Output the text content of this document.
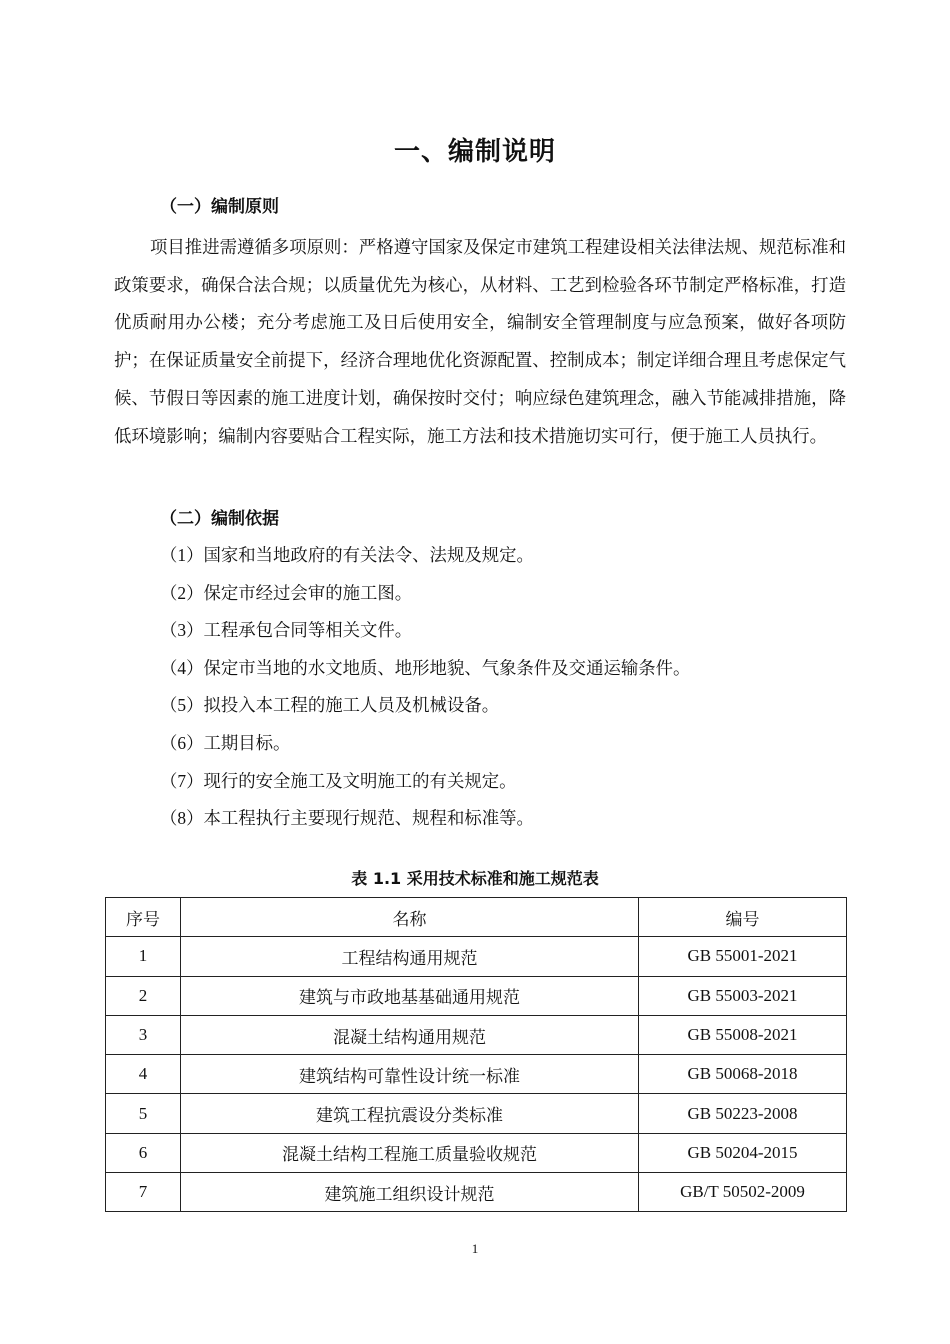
一、编制说明
（一）编制原则

项目推进需遵循多项原则：严格遵守国家及保定市建筑工程建设相关法律法规、规范标准和政策要求，确保合法合规；以质量优先为核心，从材料、工艺到检验各环节制定严格标准，打造优质耐用办公楼；充分考虑施工及日后使用安全，编制安全管理制度与应急预案，做好各项防护；在保证质量安全前提下，经济合理地优化资源配置、控制成本；制定详细合理且考虑保定气候、节假日等因素的施工进度计划，确保按时交付；响应绿色建筑理念，融入节能减排措施，降低环境影响；编制内容要贴合工程实际，施工方法和技术措施切实可行，便于施工人员执行。

（二）编制依据
（1）国家和当地政府的有关法令、法规及规定。
（2）保定市经过会审的施工图。
（3）工程承包合同等相关文件。
（4）保定市当地的水文地质、地形地貌、气象条件及交通运输条件。
（5）拟投入本工程的施工人员及机械设备。
（6）工期目标。
（7）现行的安全施工及文明施工的有关规定。
（8）本工程执行主要现行规范、规程和标准等。
表 1.1 采用技术标准和施工规范表
序号	名称	编号
1	工程结构通用规范	GB 55001-2021
2	建筑与市政地基基础通用规范	GB 55003-2021
3	混凝土结构通用规范	GB 55008-2021
4	建筑结构可靠性设计统一标准	GB 50068-2018
5	建筑工程抗震设分类标准	GB 50223-2008
6	混凝土结构工程施工质量验收规范	GB 50204-2015
7	建筑施工组织设计规范	GB/T 50502-2009
1
